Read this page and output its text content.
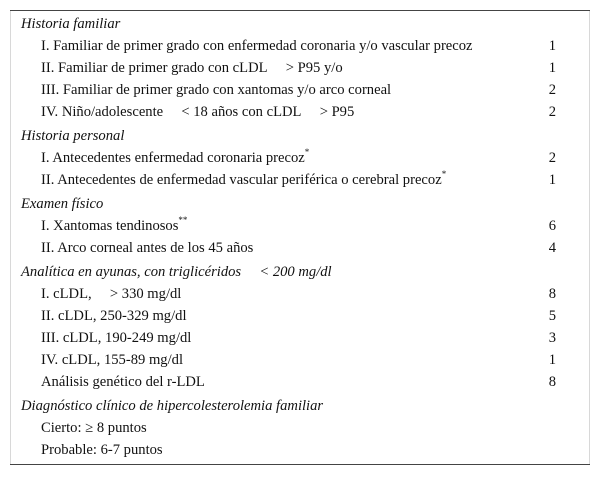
Historia familiar
I. Familiar de primer grado con enfermedad coronaria y/o vascular precoz	1
II. Familiar de primer grado con cLDL     > P95 y/o	1
III. Familiar de primer grado con xantomas y/o arco corneal	2
IV. Niño/adolescente     < 18 años con cLDL     > P95	2
Historia personal
I. Antecedentes enfermedad coronaria precoz*	2
II. Antecedentes de enfermedad vascular periférica o cerebral precoz*	1
Examen físico
I. Xantomas tendinosos**	6
II. Arco corneal antes de los 45 años	4
Analítica en ayunas, con triglicéridos     < 200 mg/dl
I. cLDL,     > 330 mg/dl	8
II. cLDL, 250-329 mg/dl	5
III. cLDL, 190-249 mg/dl	3
IV. cLDL, 155-89 mg/dl	1
Análisis genético del r-LDL	8
Diagnóstico clínico de hipercolesterolemia familiar
Cierto: ≥ 8 puntos
Probable: 6-7 puntos
